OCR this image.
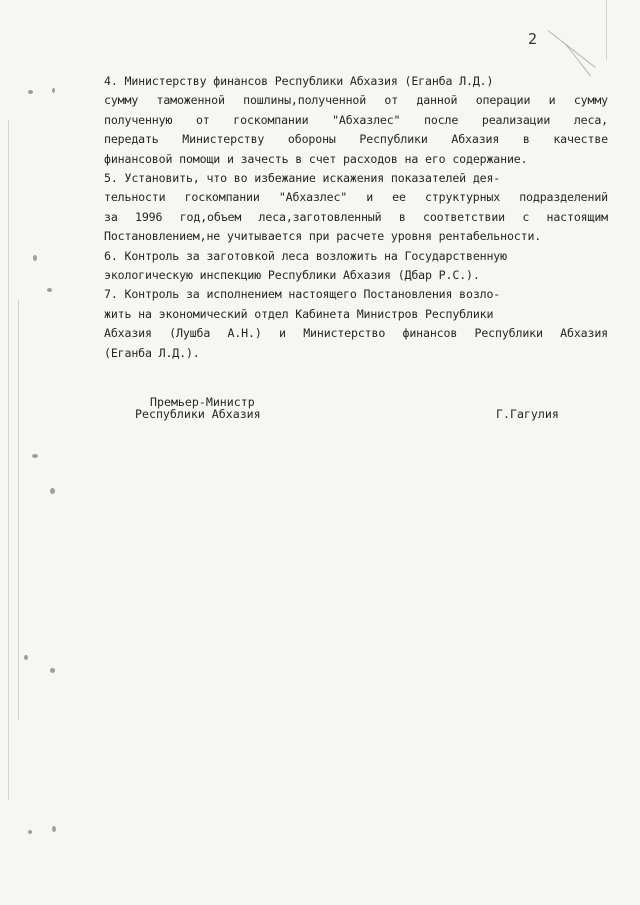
2
4. Министерству финансов Республики Абхазия (Еганба Л.Д.)
сумму таможенной пошлины,полученной от данной операции и сумму
полученную от госкомпании "Абхазлес" после реализации леса,
передать Министерству обороны Республики Абхазия в качестве
финансовой помощи и зачесть в счет расходов на его содержание.
5. Установить, что во избежание искажения показателей дея-
тельности госкомпании "Абхазлес" и ее структурных подразделений
за 1996 год,объем леса,заготовленный в соответствии с настоящим
Постановлением,не учитывается при расчете уровня рентабельности.
6. Контроль за заготовкой леса возложить на Государственную
экологическую инспекцию Республики Абхазия (Дбар Р.С.).
7. Контроль за исполнением настоящего Постановления возло-
жить на экономический отдел Кабинета Министров Республики
Абхазия (Лушба А.Н.) и Министерство финансов Республики Абхазия
(Еганба Л.Д.).
Премьер-Министр
Республики Абхазия	Г.Гагулия
